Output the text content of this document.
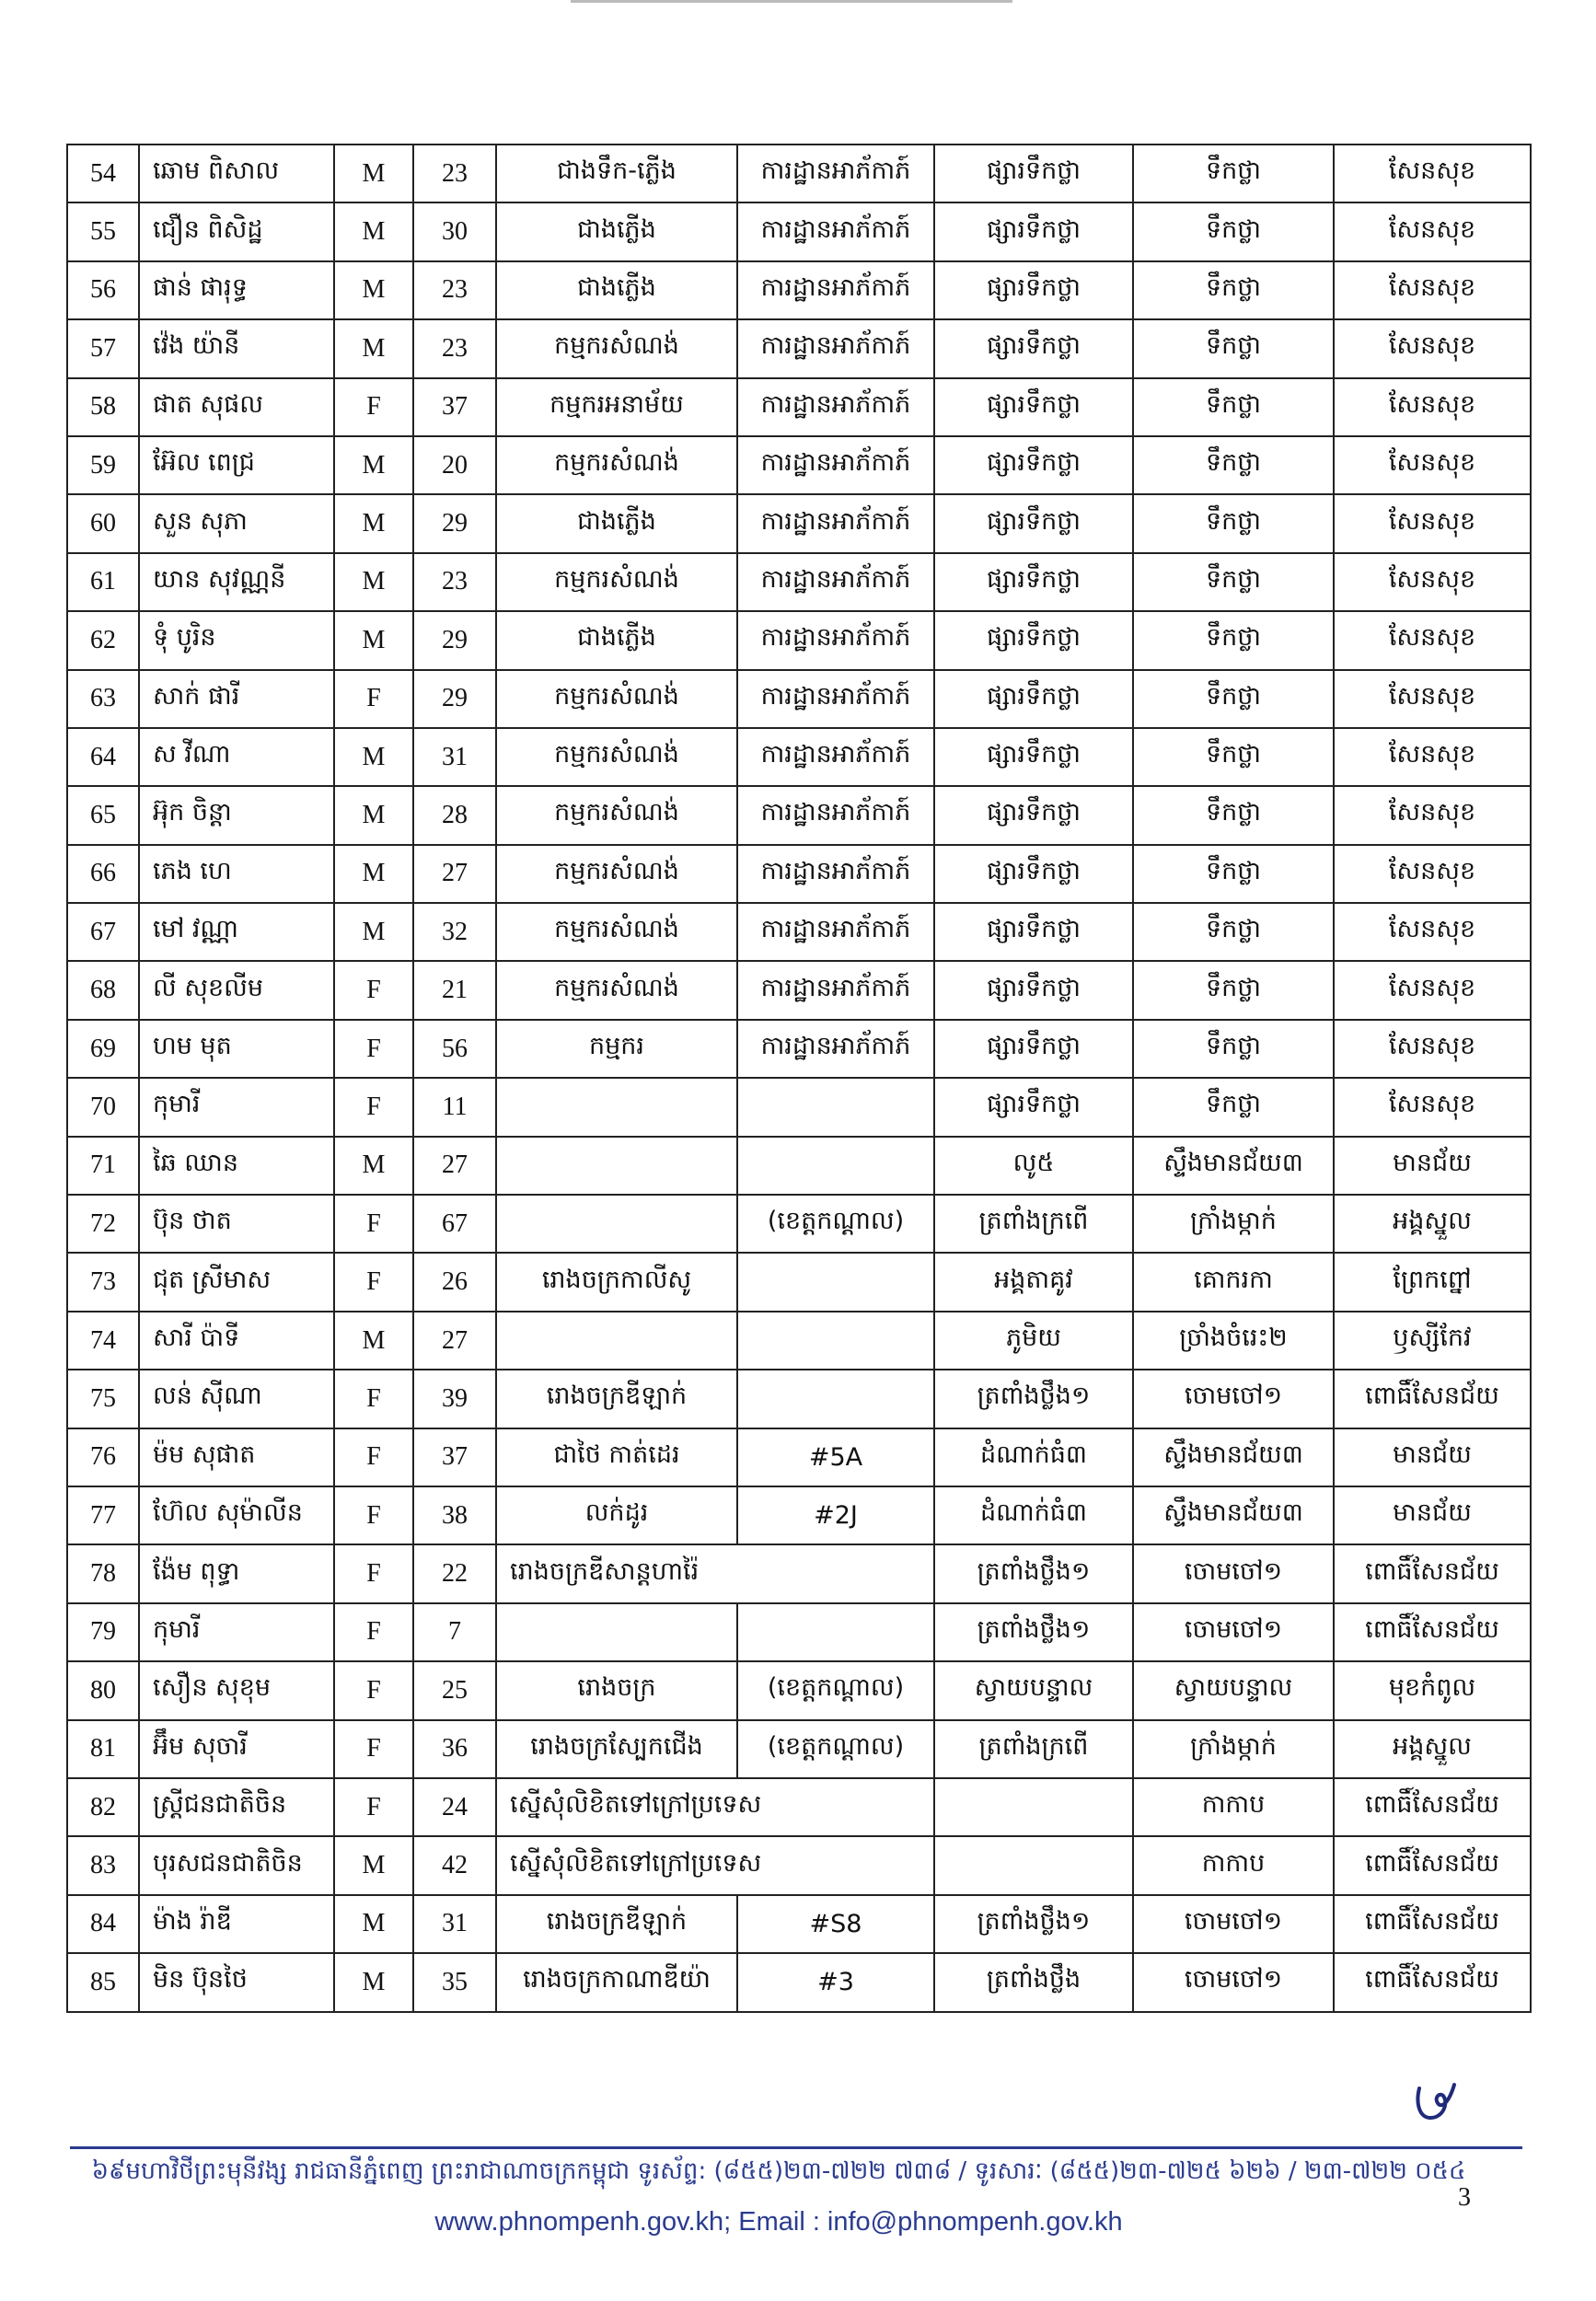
54	ឆោម ពិសាល	M	23	ជាងទឹក-ភ្លើង	ការដ្ឋានអាភ័កាភ៍	ផ្សារទឹកថ្លា	ទឹកថ្លា	សែនសុខ
55	ជឿន ពិសិដ្ឋ	M	30	ជាងភ្លើង	ការដ្ឋានអាភ័កាភ៍	ផ្សារទឹកថ្លា	ទឹកថ្លា	សែនសុខ
56	ផាន់ ផារុទ្ធ	M	23	ជាងភ្លើង	ការដ្ឋានអាភ័កាភ៍	ផ្សារទឹកថ្លា	ទឹកថ្លា	សែនសុខ
57	វ៉េង យ៉ានី	M	23	កម្មករសំណង់	ការដ្ឋានអាភ័កាភ៍	ផ្សារទឹកថ្លា	ទឹកថ្លា	សែនសុខ
58	ផាត សុផល	F	37	កម្មករអនាម័យ	ការដ្ឋានអាភ័កាភ៍	ផ្សារទឹកថ្លា	ទឹកថ្លា	សែនសុខ
59	អ៊ែល ពេជ្រ	M	20	កម្មករសំណង់	ការដ្ឋានអាភ័កាភ៍	ផ្សារទឹកថ្លា	ទឹកថ្លា	សែនសុខ
60	សួន សុភា	M	29	ជាងភ្លើង	ការដ្ឋានអាភ័កាភ៍	ផ្សារទឹកថ្លា	ទឹកថ្លា	សែនសុខ
61	យាន សុវណ្ណនី	M	23	កម្មករសំណង់	ការដ្ឋានអាភ័កាភ៍	ផ្សារទឹកថ្លា	ទឹកថ្លា	សែនសុខ
62	ទុំ បូរិន	M	29	ជាងភ្លើង	ការដ្ឋានអាភ័កាភ៍	ផ្សារទឹកថ្លា	ទឹកថ្លា	សែនសុខ
63	សាក់ ផារី	F	29	កម្មករសំណង់	ការដ្ឋានអាភ័កាភ៍	ផ្សារទឹកថ្លា	ទឹកថ្លា	សែនសុខ
64	ស វីណា	M	31	កម្មករសំណង់	ការដ្ឋានអាភ័កាភ៍	ផ្សារទឹកថ្លា	ទឹកថ្លា	សែនសុខ
65	អ៊ុក ចិន្តា	M	28	កម្មករសំណង់	ការដ្ឋានអាភ័កាភ៍	ផ្សារទឹកថ្លា	ទឹកថ្លា	សែនសុខ
66	ភេង ហេ	M	27	កម្មករសំណង់	ការដ្ឋានអាភ័កាភ៍	ផ្សារទឹកថ្លា	ទឹកថ្លា	សែនសុខ
67	មៅ វណ្ណា	M	32	កម្មករសំណង់	ការដ្ឋានអាភ័កាភ៍	ផ្សារទឹកថ្លា	ទឹកថ្លា	សែនសុខ
68	លី សុខលីម	F	21	កម្មករសំណង់	ការដ្ឋានអាភ័កាភ៍	ផ្សារទឹកថ្លា	ទឹកថ្លា	សែនសុខ
69	ហម មុត	F	56	កម្មករ	ការដ្ឋានអាភ័កាភ៍	ផ្សារទឹកថ្លា	ទឹកថ្លា	សែនសុខ
70	កុមារី	F	11			ផ្សារទឹកថ្លា	ទឹកថ្លា	សែនសុខ
71	ឆៃ ឈាន	M	27			លូ៥	ស្ទឹងមានជ័យ៣	មានជ័យ
72	ប៊ុន ថាត	F	67		(ខេត្តកណ្ដាល)	ត្រពាំងក្រពើ	ក្រាំងម្កាក់	អង្គស្នួល
73	ជុត ស្រីមាស	F	26	រោងចក្រកាលីសូ		អង្គតាគូវ	គោករកា	ព្រែកព្នៅ
74	សារី ប៉ាទី	M	27			ភូមិយ	ច្រាំងចំរេះ២	ឫស្សីកែវ
75	លន់ ស៊ីណា	F	39	រោងចក្រឌីឡាក់		ត្រពាំងថ្លឹង១	ចោមចៅ១	ពោធិ៍សែនជ័យ
76	ម៉ម សុផាត	F	37	ជាថៃ កាត់ដេរ	#5A	ដំណាក់ធំ៣	ស្ទឹងមានជ័យ៣	មានជ័យ
77	ហ៊ែល សុម៉ាលីន	F	38	លក់ដូរ	#2J	ដំណាក់ធំ៣	ស្ទឹងមានជ័យ៣	មានជ័យ
78	ង៉ែម ពុទ្ធា	F	22	រោងចក្រឌីសាន្តហារ៉ៃ		ត្រពាំងថ្លឹង១	ចោមចៅ១	ពោធិ៍សែនជ័យ
79	កុមារី	F	7			ត្រពាំងថ្លឹង១	ចោមចៅ១	ពោធិ៍សែនជ័យ
80	សឿន សុខុម	F	25	រោងចក្រ	(ខេត្តកណ្ដាល)	ស្វាយបន្ទាល	ស្វាយបន្ទាល	មុខកំពូល
81	អ៊ឹម សុចារី	F	36	រោងចក្រស្បែកជើង	(ខេត្តកណ្ដាល)	ត្រពាំងក្រពើ	ក្រាំងម្កាក់	អង្គស្នួល
82	ស្ត្រីជនជាតិចិន	F	24	ស្នើសុំលិខិតទៅក្រៅប្រទេស			កាកាប	ពោធិ៍សែនជ័យ
83	បុរសជនជាតិចិន	M	42	ស្នើសុំលិខិតទៅក្រៅប្រទេស			កាកាប	ពោធិ៍សែនជ័យ
84	ម៉ាង រ៉ាឌី	M	31	រោងចក្រឌីឡាក់	#S8	ត្រពាំងថ្លឹង១	ចោមចៅ១	ពោធិ៍សែនជ័យ
85	មិន ប៊ុនថៃ	M	35	រោងចក្រកាណាឌីយ៉ា	#3	ត្រពាំងថ្លឹង	ចោមចៅ១	ពោធិ៍សែនជ័យ
៦៩មហាវិថីព្រះមុនីវង្ស រាជធានីភ្នំពេញ ព្រះរាជាណាចក្រកម្ពុជា ទូរស័ព្ទ: (៨៥៥)២៣-៧២២ ៧៣៨ / ទូរសារៈ (៨៥៥)២៣-៧២៥ ៦២៦ / ២៣-៧២២ ០៥៤
www.phnompenh.gov.kh; Email : info@phnompenh.gov.kh
3
